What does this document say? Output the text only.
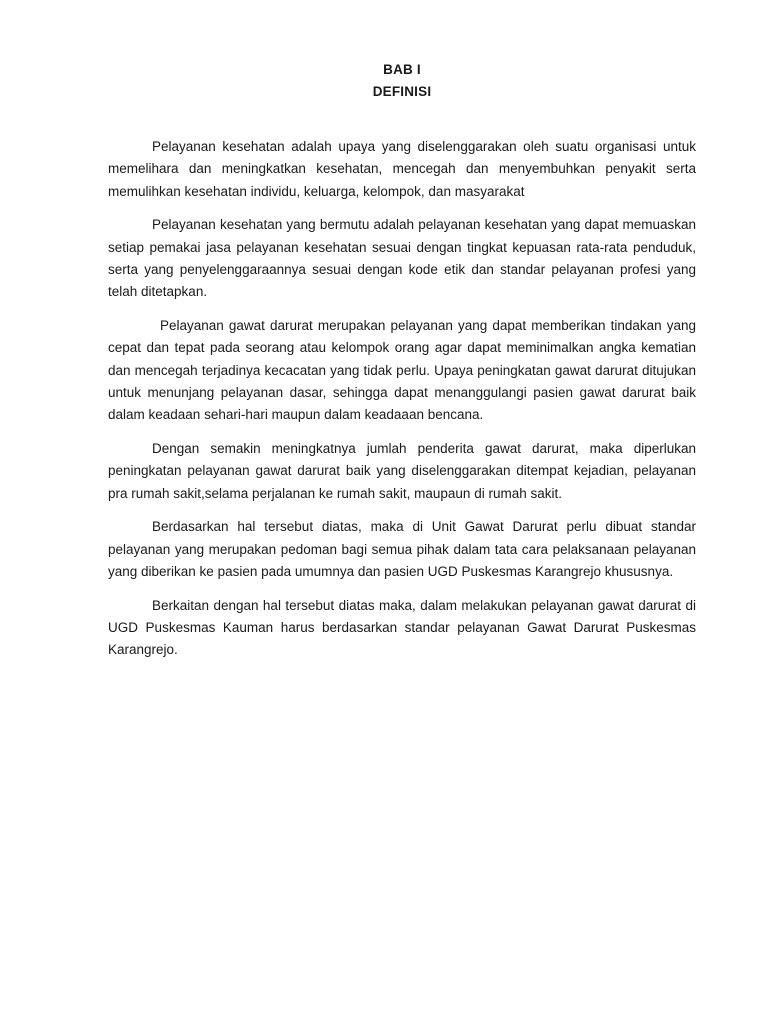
BAB I
DEFINISI

Pelayanan kesehatan adalah upaya yang diselenggarakan oleh suatu organisasi untuk memelihara dan meningkatkan kesehatan, mencegah dan menyembuhkan penyakit serta memulihkan kesehatan individu, keluarga, kelompok, dan masyarakat

Pelayanan kesehatan yang bermutu adalah pelayanan kesehatan yang dapat memuaskan setiap pemakai jasa pelayanan kesehatan sesuai dengan tingkat kepuasan rata-rata penduduk, serta yang penyelenggaraannya sesuai dengan kode etik dan standar pelayanan profesi yang telah ditetapkan.

Pelayanan gawat darurat merupakan pelayanan yang dapat memberikan tindakan yang cepat dan tepat pada seorang atau kelompok orang agar dapat meminimalkan angka kematian dan mencegah terjadinya kecacatan yang tidak perlu. Upaya peningkatan gawat darurat ditujukan untuk menunjang pelayanan dasar, sehingga dapat menanggulangi pasien gawat darurat baik dalam keadaan sehari-hari maupun dalam keadaaan bencana.

Dengan semakin meningkatnya jumlah penderita gawat darurat, maka diperlukan peningkatan pelayanan gawat darurat baik yang diselenggarakan ditempat kejadian, pelayanan pra rumah sakit,selama perjalanan ke rumah sakit, maupaun di rumah sakit.

Berdasarkan hal tersebut diatas, maka di Unit Gawat Darurat perlu dibuat standar pelayanan yang merupakan pedoman bagi semua pihak dalam tata cara pelaksanaan pelayanan yang diberikan ke pasien pada umumnya dan pasien UGD Puskesmas Karangrejo khususnya.

Berkaitan dengan hal tersebut diatas maka, dalam melakukan pelayanan gawat darurat di UGD Puskesmas Kauman harus berdasarkan standar pelayanan Gawat Darurat Puskesmas Karangrejo.
